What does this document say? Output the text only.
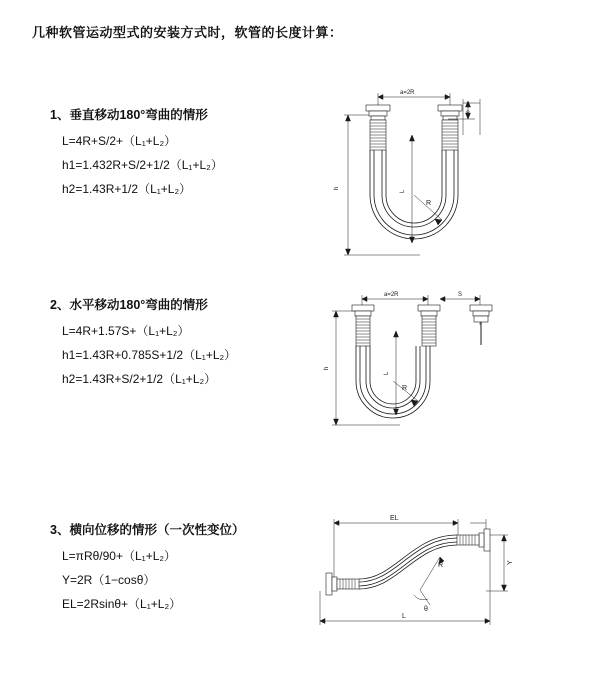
几种软管运动型式的安装方式时，软管的长度计算：
1、垂直移动180°弯曲的情形
L=4R+S/2+（L₁+L₂）
h1=1.432R+S/2+1/2（L₁+L₂）
h2=1.43R+1/2（L₁+L₂）
a=2R
h
L
R
2、水平移动180°弯曲的情形
L=4R+1.57S+（L₁+L₂）
h1=1.43R+0.785S+1/2（L₁+L₂）
h2=1.43R+S/2+1/2（L₁+L₂）
a=2R	S
h
L
R
3、横向位移的情形（一次性变位）
L=πRθ/90+（L₁+L₂）
Y=2R（1−cosθ）
EL=2Rsinθ+（L₁+L₂）
EL
L
Y
R
θ
